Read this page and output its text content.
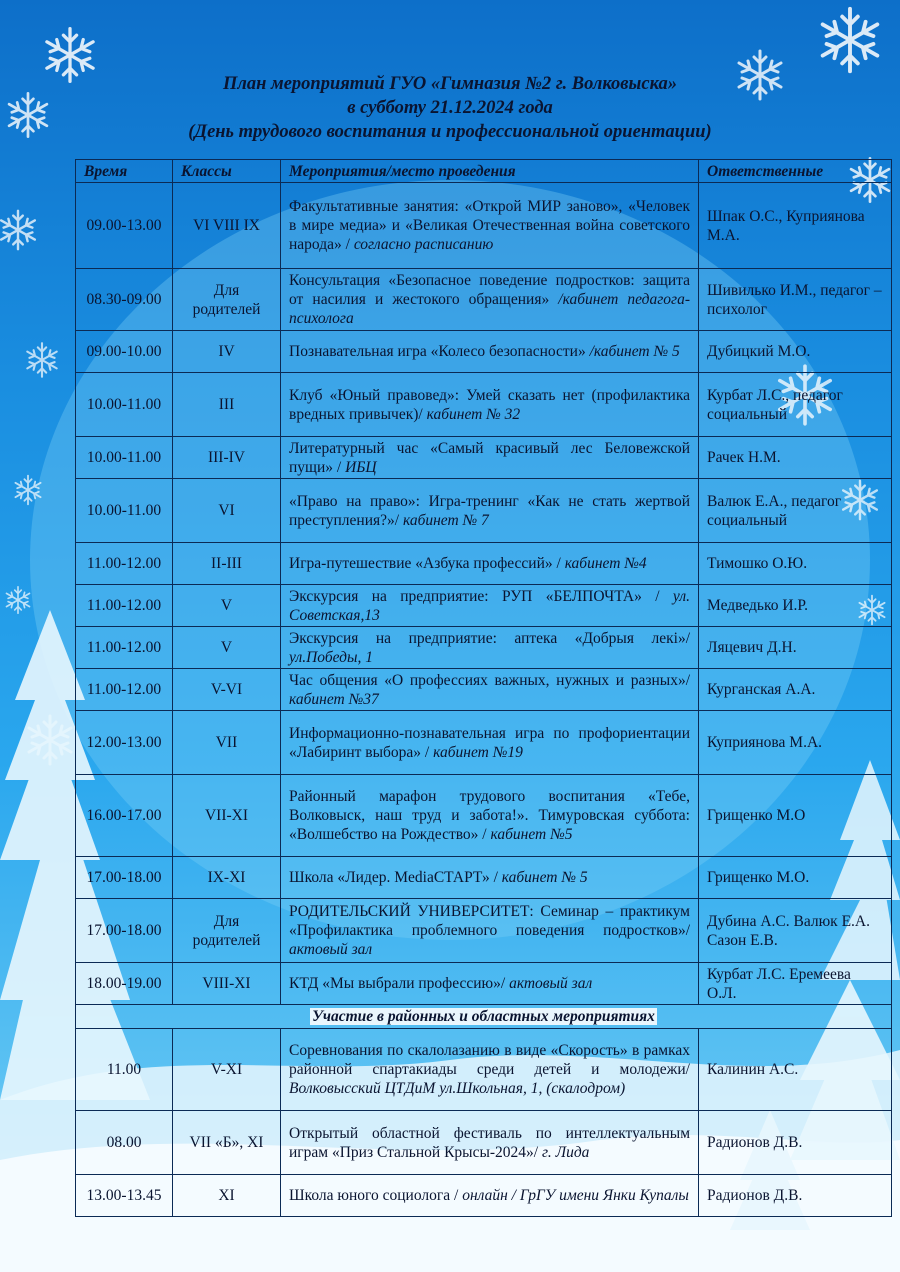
План мероприятий ГУО «Гимназия №2 г. Волковыска»
в субботу 21.12.2024 года
(День трудового воспитания и профессиональной ориентации)
Время	Классы	Мероприятия/место проведения	Ответственные
09.00-13.00	VI VIII IX	Факультативные занятия: «Открой МИР заново», «Человек в мире медиа» и «Великая Отечественная война советского народа» / согласно расписанию	Шпак О.С., Куприянова М.А.
08.30-09.00	Для родителей	Консультация «Безопасное поведение подростков: защита от насилия и жестокого обращения» /кабинет педагога-психолога	Шивилько И.М., педагог – психолог
09.00-10.00	IV	Познавательная игра «Колесо безопасности» /кабинет № 5	Дубицкий М.О.
10.00-11.00	III	Клуб «Юный правовед»: Умей сказать нет (профилактика вредных привычек)/ кабинет № 32	Курбат Л.С., педагог социальный
10.00-11.00	III-IV	Литературный час «Самый красивый лес Беловежской пущи» / ИБЦ	Рачек Н.М.
10.00-11.00	VI	«Право на право»: Игра-тренинг «Как не стать жертвой преступления?»/ кабинет № 7	Валюк Е.А., педагог социальный
11.00-12.00	II-III	Игра-путешествие «Азбука профессий» / кабинет №4	Тимошко О.Ю.
11.00-12.00	V	Экскурсия на предприятие: РУП «БЕЛПОЧТА» / ул. Советская,13	Медведько И.Р.
11.00-12.00	V	Экскурсия на предприятие: аптека «Добрыя лекі»/ ул.Победы, 1	Ляцевич Д.Н.
11.00-12.00	V-VI	Час общения «О профессиях важных, нужных и разных»/ кабинет №37	Курганская А.А.
12.00-13.00	VII	Информационно-познавательная игра по профориентации «Лабиринт выбора» / кабинет №19	Куприянова М.А.
16.00-17.00	VII-XI	Районный марафон трудового воспитания «Тебе, Волковыск, наш труд и забота!». Тимуровская суббота: «Волшебство на Рождество» / кабинет №5	Грищенко М.О
17.00-18.00	IX-XI	Школа «Лидер. MediaСТАРТ» / кабинет № 5	Грищенко М.О.
17.00-18.00	Для родителей	РОДИТЕЛЬСКИЙ УНИВЕРСИТЕТ: Семинар – практикум «Профилактика проблемного поведения подростков»/ актовый зал	Дубина А.С. Валюк Е.А. Сазон Е.В.
18.00-19.00	VIII-XI	КТД «Мы выбрали профессию»/ актовый зал	Курбат Л.С. Еремеева О.Л.
Участие в районных и областных мероприятиях			
11.00	V-XI	Соревнования по скалолазанию в виде «Скорость» в рамках районной спартакиады среди детей и молодежи/ Волковысский ЦТДиМ ул.Школьная, 1, (скалодром)	Калинин А.С.
08.00	VII «Б», XI	Открытый областной фестиваль по интеллектуальным играм «Приз Стальной Крысы-2024»/ г. Лида	Радионов Д.В.
13.00-13.45	XI	Школа юного социолога / онлайн / ГрГУ имени Янки Купалы	Радионов Д.В.
